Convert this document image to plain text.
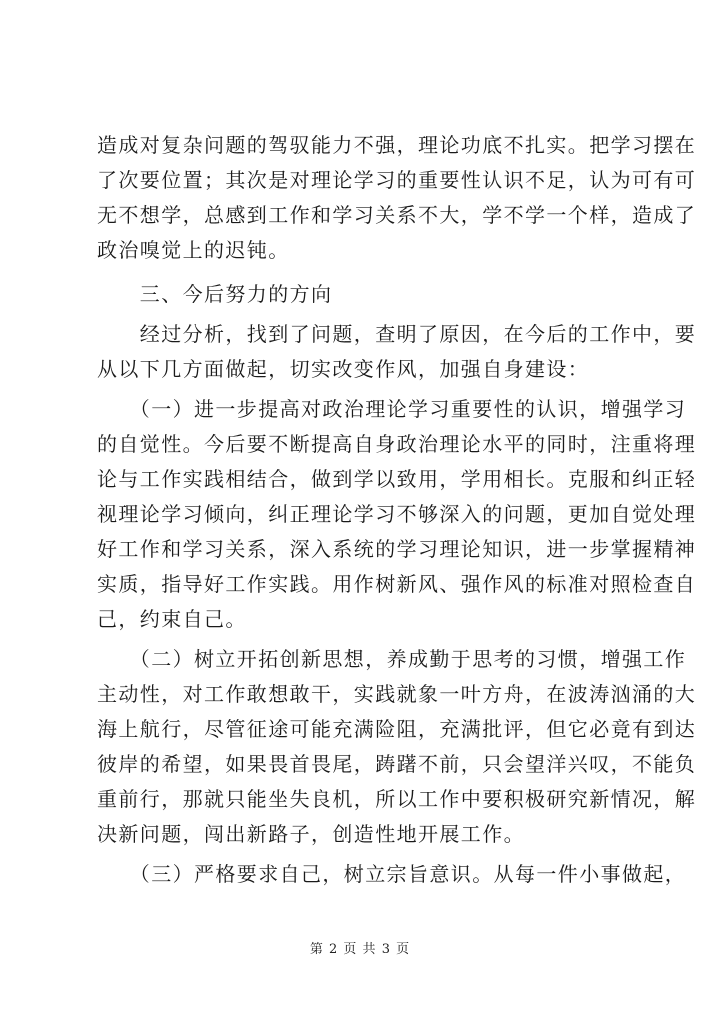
造成对复杂问题的驾驭能力不强，理论功底不扎实。把学习摆在
了次要位置；其次是对理论学习的重要性认识不足，认为可有可
无不想学，总感到工作和学习关系不大，学不学一个样，造成了
政治嗅觉上的迟钝。
　　三、今后努力的方向
　　经过分析，找到了问题，查明了原因，在今后的工作中，要
从以下几方面做起，切实改变作风，加强自身建设：
　　（一）进一步提高对政治理论学习重要性的认识，增强学习
的自觉性。今后要不断提高自身政治理论水平的同时，注重将理
论与工作实践相结合，做到学以致用，学用相长。克服和纠正轻
视理论学习倾向，纠正理论学习不够深入的问题，更加自觉处理
好工作和学习关系，深入系统的学习理论知识，进一步掌握精神
实质，指导好工作实践。用作树新风、强作风的标准对照检查自
己，约束自己。
　　（二）树立开拓创新思想，养成勤于思考的习惯，增强工作
主动性，对工作敢想敢干，实践就象一叶方舟，在波涛汹涌的大
海上航行，尽管征途可能充满险阻，充满批评，但它必竟有到达
彼岸的希望，如果畏首畏尾，踌躇不前，只会望洋兴叹，不能负
重前行，那就只能坐失良机，所以工作中要积极研究新情况，解
决新问题，闯出新路子，创造性地开展工作。
　　（三）严格要求自己，树立宗旨意识。从每一件小事做起，
第 2 页 共 3 页
